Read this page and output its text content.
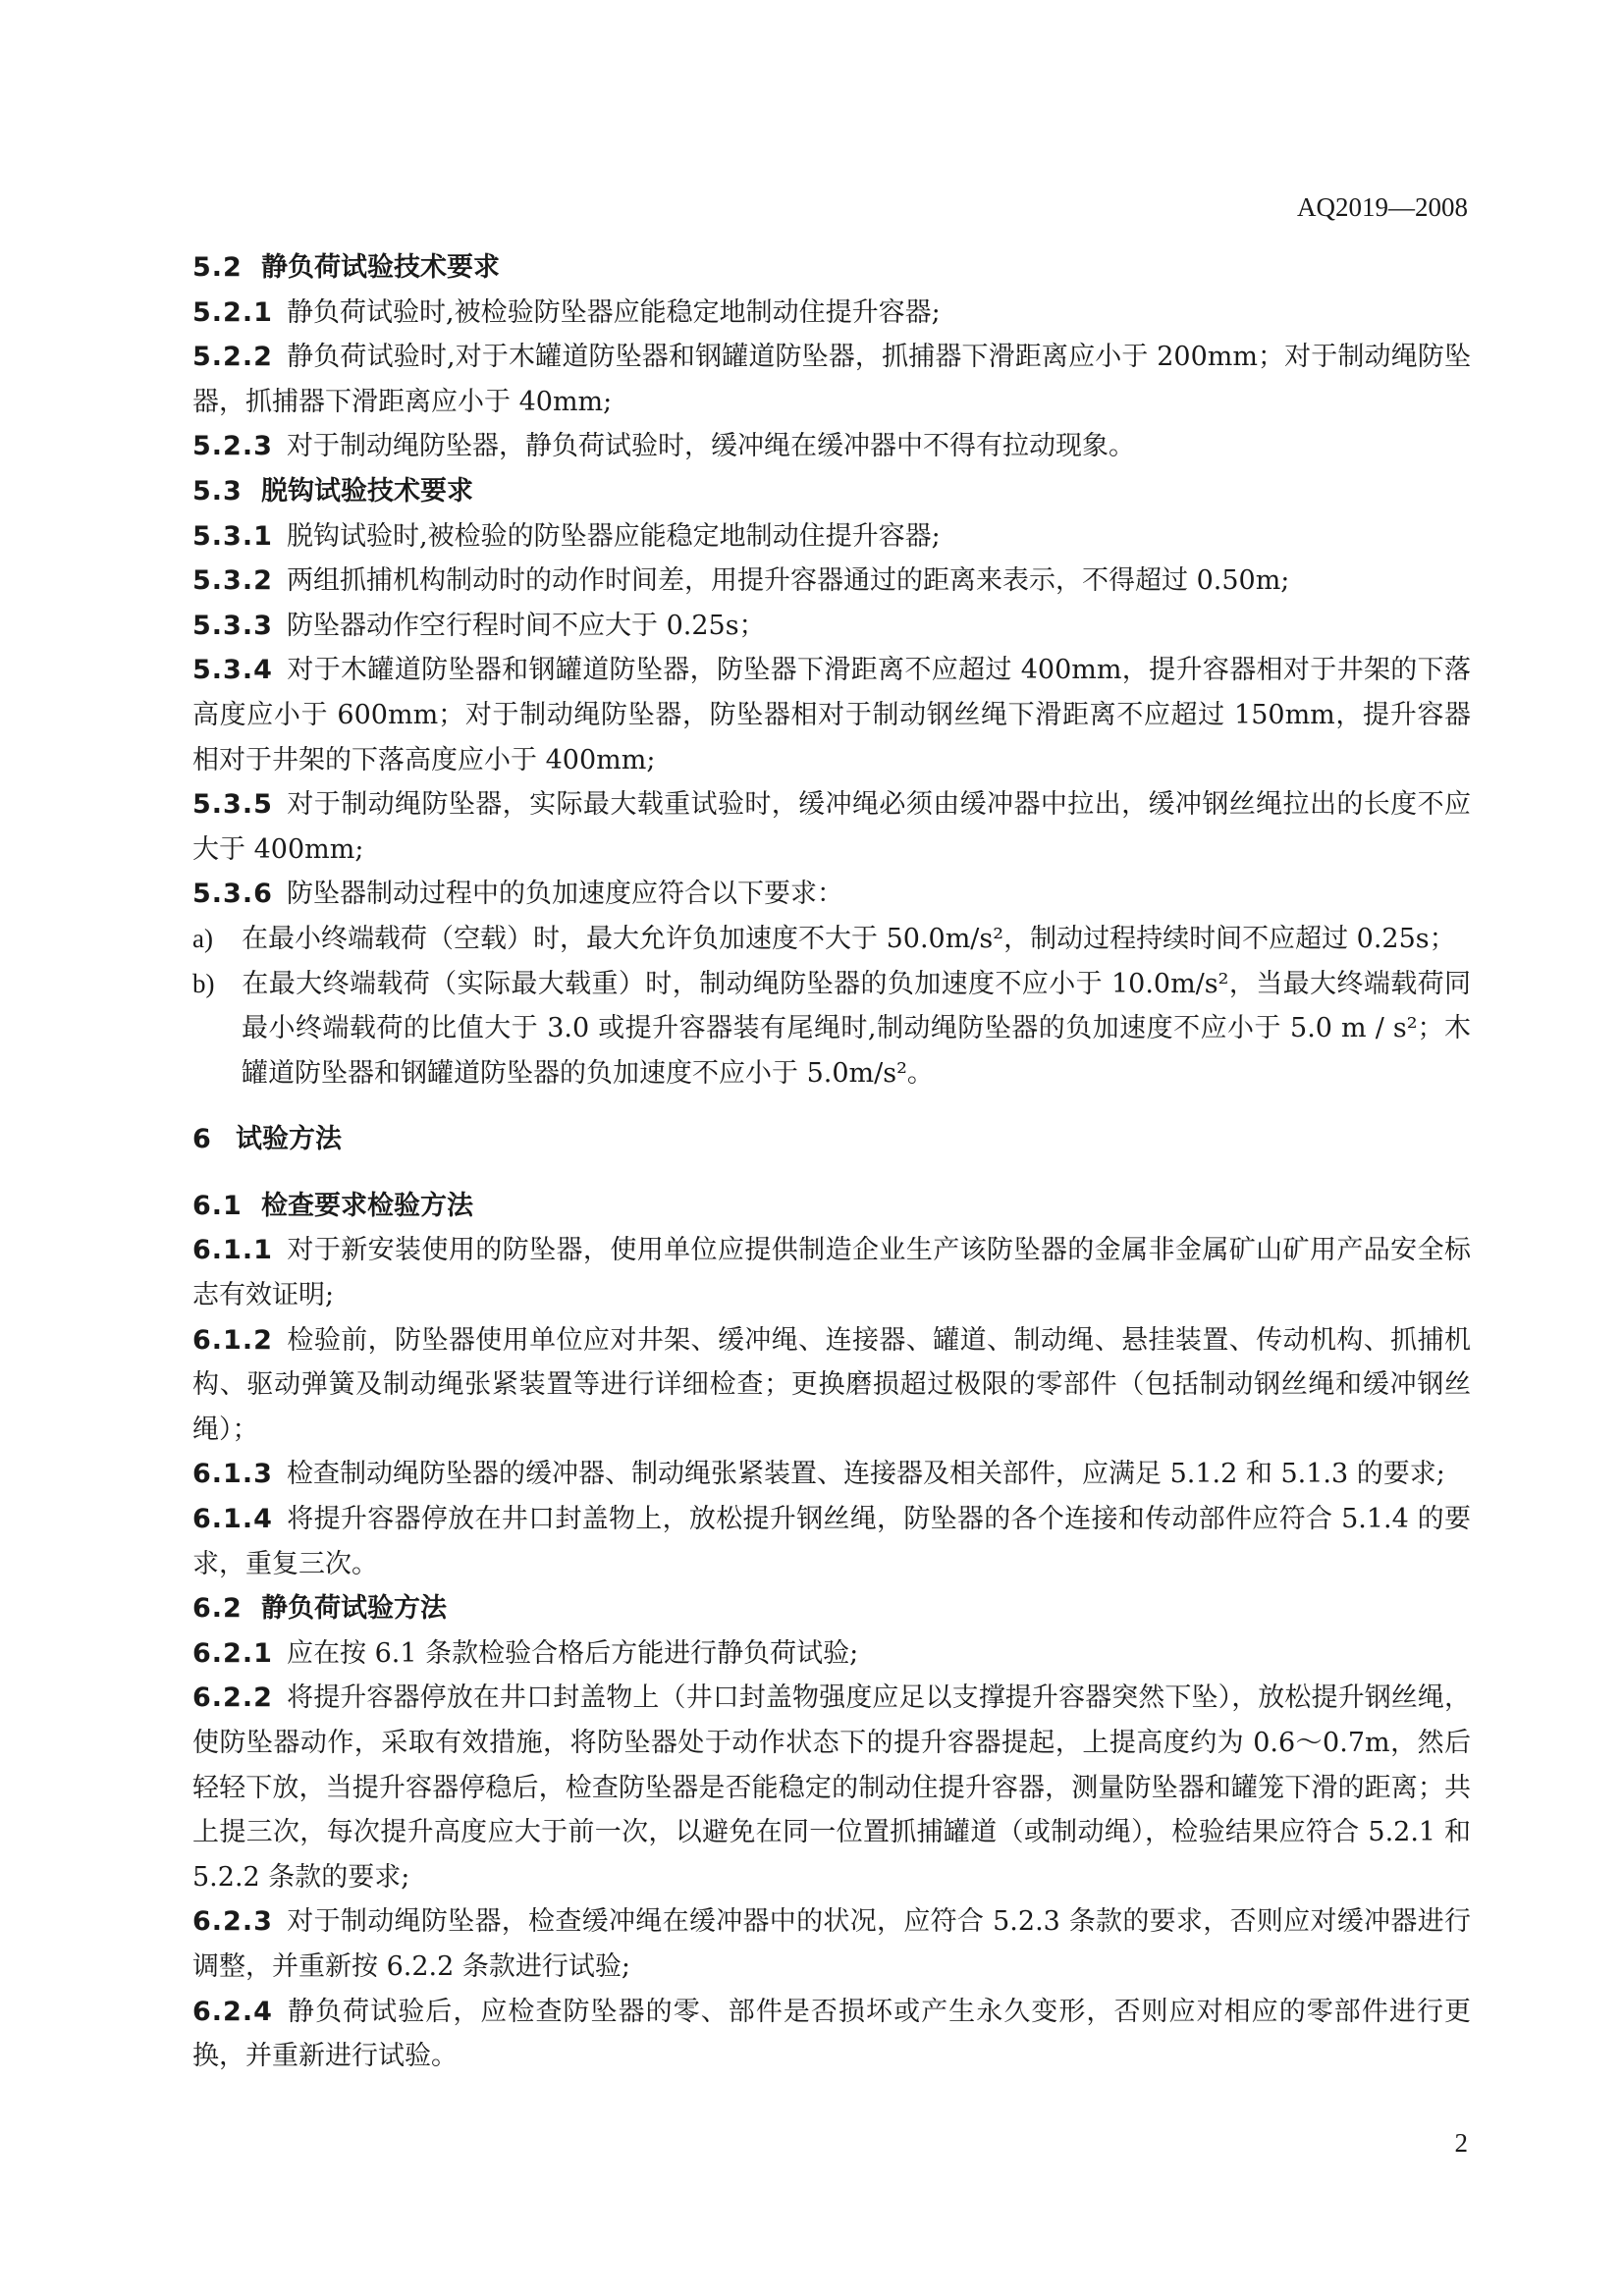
AQ2019—2008

5.2 静负荷试验技术要求

5.2.1 静负荷试验时,被检验防坠器应能稳定地制动住提升容器;

5.2.2 静负荷试验时,对于木罐道防坠器和钢罐道防坠器，抓捕器下滑距离应小于 200mm；对于制动绳防坠器，抓捕器下滑距离应小于 40mm;

5.2.3 对于制动绳防坠器，静负荷试验时，缓冲绳在缓冲器中不得有拉动现象。

5.3 脱钩试验技术要求

5.3.1 脱钩试验时,被检验的防坠器应能稳定地制动住提升容器;

5.3.2 两组抓捕机构制动时的动作时间差，用提升容器通过的距离来表示，不得超过 0.50m;

5.3.3 防坠器动作空行程时间不应大于 0.25s；

5.3.4 对于木罐道防坠器和钢罐道防坠器，防坠器下滑距离不应超过 400mm，提升容器相对于井架的下落高度应小于 600mm；对于制动绳防坠器，防坠器相对于制动钢丝绳下滑距离不应超过 150mm，提升容器相对于井架的下落高度应小于 400mm;

5.3.5 对于制动绳防坠器，实际最大载重试验时，缓冲绳必须由缓冲器中拉出，缓冲钢丝绳拉出的长度不应大于 400mm;

5.3.6 防坠器制动过程中的负加速度应符合以下要求：

a) 在最小终端载荷（空载）时，最大允许负加速度不大于 50.0m/s²，制动过程持续时间不应超过 0.25s；

b) 在最大终端载荷（实际最大载重）时，制动绳防坠器的负加速度不应小于 10.0m/s²，当最大终端载荷同最小终端载荷的比值大于 3.0 或提升容器装有尾绳时,制动绳防坠器的负加速度不应小于 5.0 m / s²；木罐道防坠器和钢罐道防坠器的负加速度不应小于 5.0m/s²。

6 试验方法

6.1 检查要求检验方法

6.1.1 对于新安装使用的防坠器，使用单位应提供制造企业生产该防坠器的金属非金属矿山矿用产品安全标志有效证明;

6.1.2 检验前，防坠器使用单位应对井架、缓冲绳、连接器、罐道、制动绳、悬挂装置、传动机构、抓捕机构、驱动弹簧及制动绳张紧装置等进行详细检查；更换磨损超过极限的零部件（包括制动钢丝绳和缓冲钢丝绳）；

6.1.3 检查制动绳防坠器的缓冲器、制动绳张紧装置、连接器及相关部件，应满足 5.1.2 和 5.1.3 的要求;

6.1.4 将提升容器停放在井口封盖物上，放松提升钢丝绳，防坠器的各个连接和传动部件应符合 5.1.4 的要求，重复三次。

6.2 静负荷试验方法

6.2.1 应在按 6.1 条款检验合格后方能进行静负荷试验;

6.2.2 将提升容器停放在井口封盖物上（井口封盖物强度应足以支撑提升容器突然下坠），放松提升钢丝绳，使防坠器动作，采取有效措施，将防坠器处于动作状态下的提升容器提起，上提高度约为 0.6～0.7m，然后轻轻下放，当提升容器停稳后，检查防坠器是否能稳定的制动住提升容器，测量防坠器和罐笼下滑的距离；共上提三次，每次提升高度应大于前一次，以避免在同一位置抓捕罐道（或制动绳），检验结果应符合 5.2.1 和 5.2.2 条款的要求;

6.2.3 对于制动绳防坠器，检查缓冲绳在缓冲器中的状况，应符合 5.2.3 条款的要求，否则应对缓冲器进行调整，并重新按 6.2.2 条款进行试验;

6.2.4 静负荷试验后，应检查防坠器的零、部件是否损坏或产生永久变形，否则应对相应的零部件进行更换，并重新进行试验。

2
